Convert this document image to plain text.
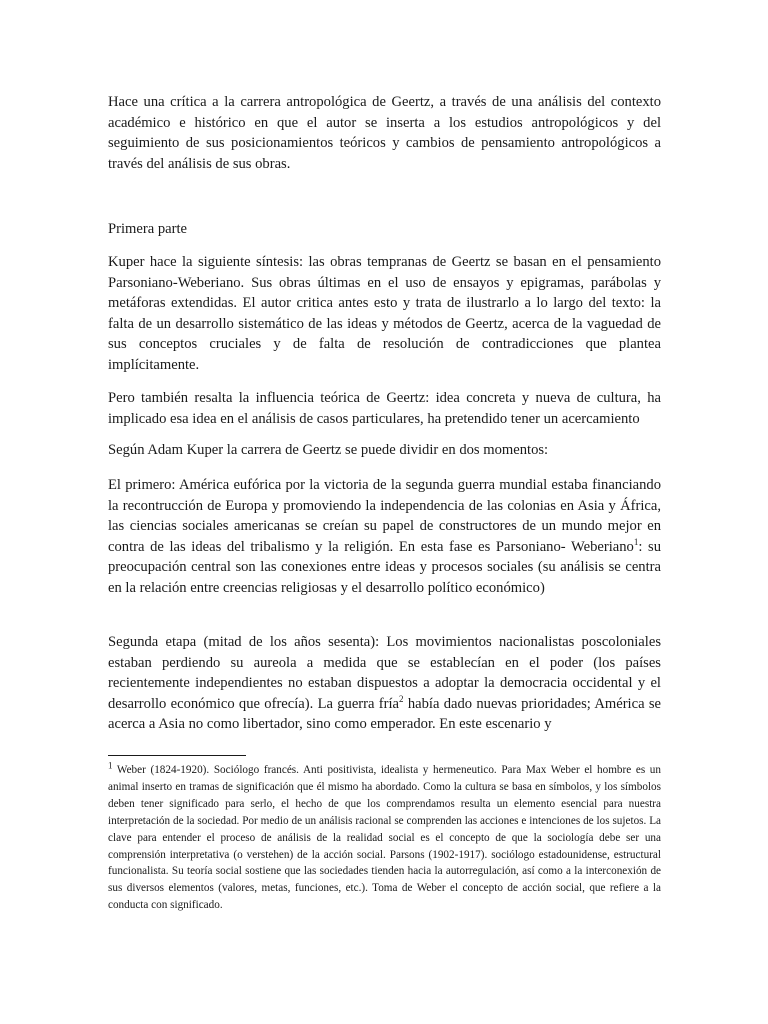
Hace una crítica a la carrera antropológica de Geertz, a través de una análisis del contexto académico e histórico en que el autor se inserta a los estudios antropológicos y del seguimiento de sus posicionamientos teóricos y cambios de pensamiento antropológicos a través del análisis de sus obras.

Primera parte

Kuper hace la siguiente síntesis: las obras tempranas de Geertz se basan en el pensamiento Parsoniano-Weberiano. Sus obras últimas en el uso de ensayos y epigramas, parábolas y metáforas extendidas. El autor critica antes esto y trata de ilustrarlo a lo largo del texto: la falta de un desarrollo sistemático de las ideas y métodos de Geertz, acerca de la vaguedad de sus conceptos cruciales y de falta de resolución de contradicciones que plantea implícitamente.

Pero también resalta la influencia teórica de Geertz: idea concreta y nueva de cultura, ha implicado esa idea en el análisis de casos particulares, ha pretendido tener un acercamiento

Según Adam Kuper la carrera de Geertz se puede dividir en dos momentos:

El primero: América eufórica por la victoria de la segunda guerra mundial estaba financiando la recontrucción de Europa y promoviendo la independencia de las colonias en Asia y África, las ciencias sociales americanas se creían su papel de constructores de un mundo mejor en contra de las ideas del tribalismo y la religión. En esta fase es Parsoniano- Weberiano$^1$: su preocupación central son las conexiones entre ideas y procesos sociales (su análisis se centra en la relación entre creencias religiosas y el desarrollo político económico)

Segunda etapa (mitad de los años sesenta): Los movimientos nacionalistas poscoloniales estaban perdiendo su aureola a medida que se establecían en el poder (los países recientemente independientes no estaban dispuestos a adoptar la democracia occidental y el desarrollo económico que ofrecía). La guerra fría$^2$ había dado nuevas prioridades; América se acerca a Asia no como libertador, sino como emperador. En este escenario y

$^1$ Weber (1824-1920). Sociólogo francés. Anti positivista, idealista y hermeneutico. Para Max Weber el hombre es un animal inserto en tramas de significación que él mismo ha abordado. Como la cultura se basa en símbolos, y los símbolos deben tener significado para serlo, el hecho de que los comprendamos resulta un elemento esencial para nuestra interpretación de la sociedad. Por medio de un análisis racional se comprenden las acciones e intenciones de los sujetos. La clave para entender el proceso de análisis de la realidad social es el concepto de que la sociología debe ser una comprensión interpretativa (o verstehen) de la acción social. Parsons (1902-1917). sociólogo estadounidense, estructural funcionalista. Su teoría social sostiene que las sociedades tienden hacia la autorregulación, así como a la interconexión de sus diversos elementos (valores, metas, funciones, etc.). Toma de Weber el concepto de acción social, que refiere a la conducta con significado.
